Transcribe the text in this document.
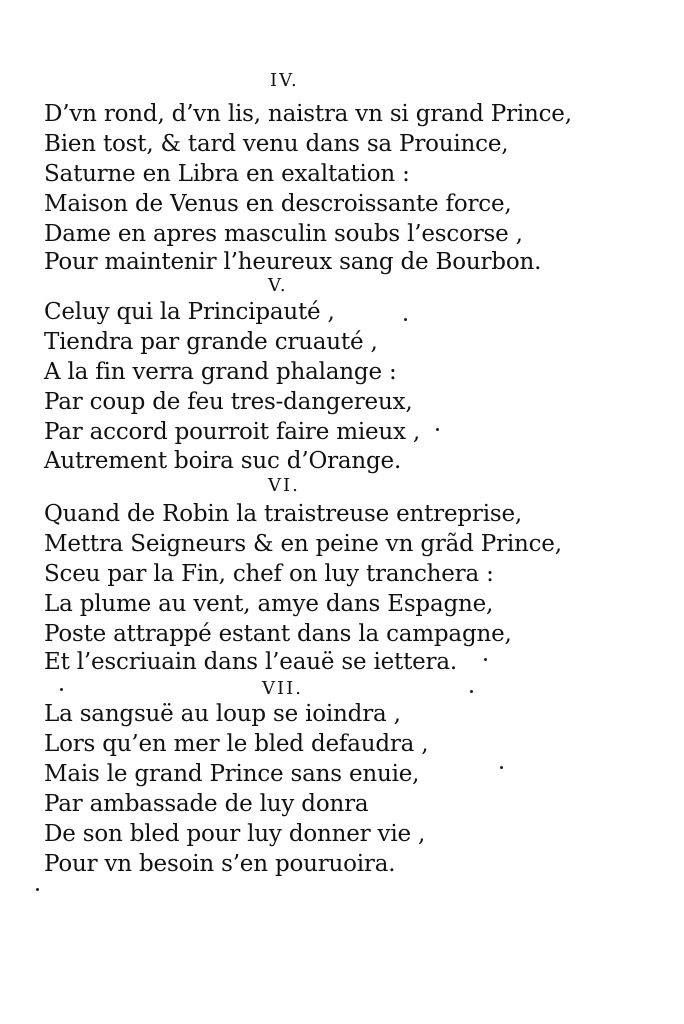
IV.
D’vn rond, d’vn lis, naistra vn si grand Prince,
Bien tost, & tard venu dans sa Prouince,
Saturne en Libra en exaltation :
Maison de Venus en descroissante force,
Dame en apres masculin soubs l’escorse ,
Pour maintenir l’heureux sang de Bourbon.
V.
Celuy qui la Principauté ,
Tiendra par grande cruauté ,
A la fin verra grand phalange :
Par coup de feu tres-dangereux,
Par accord pourroit faire mieux ,
Autrement boira suc d’Orange.
VI.
Quand de Robin la traistreuse entreprise,
Mettra Seigneurs & en peine vn grãd Prince,
Sceu par la Fin, chef on luy tranchera :
La plume au vent, amye dans Espagne,
Poste attrappé estant dans la campagne,
Et l’escriuain dans l’eauë se iettera.
VII.
La sangsuë au loup se ioindra ,
Lors qu’en mer le bled defaudra ,
Mais le grand Prince sans enuie,
Par ambassade de luy donra
De son bled pour luy donner vie ,
Pour vn besoin s’en pouruoira.
